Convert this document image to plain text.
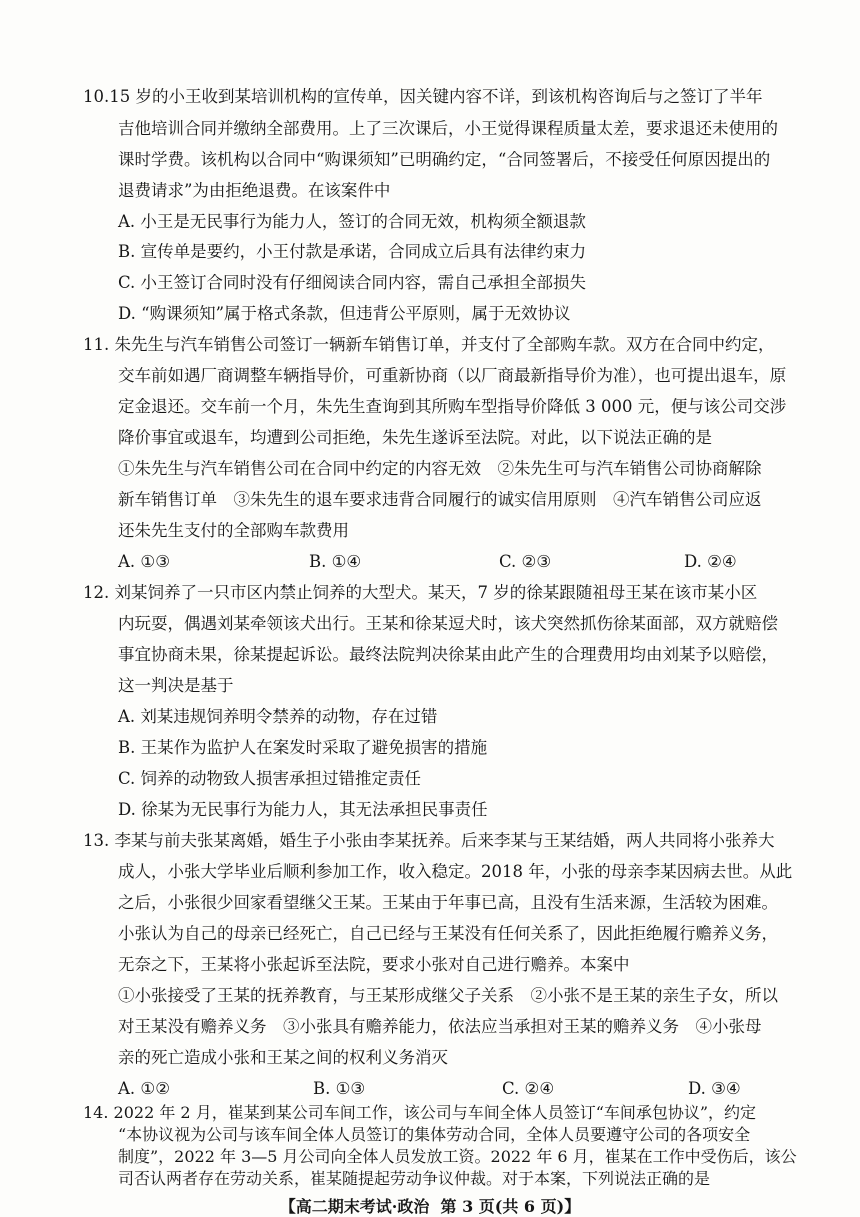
10.15 岁的小王收到某培训机构的宣传单，因关键内容不详，到该机构咨询后与之签订了半年
吉他培训合同并缴纳全部费用。上了三次课后，小王觉得课程质量太差，要求退还未使用的
课时学费。该机构以合同中“购课须知”已明确约定，“合同签署后，不接受任何原因提出的
退费请求”为由拒绝退费。在该案件中
A. 小王是无民事行为能力人，签订的合同无效，机构须全额退款
B. 宣传单是要约，小王付款是承诺，合同成立后具有法律约束力
C. 小王签订合同时没有仔细阅读合同内容，需自己承担全部损失
D. “购课须知”属于格式条款，但违背公平原则，属于无效协议
11. 朱先生与汽车销售公司签订一辆新车销售订单，并支付了全部购车款。双方在合同中约定，
交车前如遇厂商调整车辆指导价，可重新协商（以厂商最新指导价为准），也可提出退车，原
定金退还。交车前一个月，朱先生查询到其所购车型指导价降低 3 000 元，便与该公司交涉
降价事宜或退车，均遭到公司拒绝，朱先生遂诉至法院。对此，以下说法正确的是
①朱先生与汽车销售公司在合同中约定的内容无效　②朱先生可与汽车销售公司协商解除
新车销售订单　③朱先生的退车要求违背合同履行的诚实信用原则　④汽车销售公司应返
还朱先生支付的全部购车款费用
A. ①③	B. ①④	C. ②③	D. ②④
12. 刘某饲养了一只市区内禁止饲养的大型犬。某天，7 岁的徐某跟随祖母王某在该市某小区
内玩耍，偶遇刘某牵领该犬出行。王某和徐某逗犬时，该犬突然抓伤徐某面部，双方就赔偿
事宜协商未果，徐某提起诉讼。最终法院判决徐某由此产生的合理费用均由刘某予以赔偿，
这一判决是基于
A. 刘某违规饲养明令禁养的动物，存在过错
B. 王某作为监护人在案发时采取了避免损害的措施
C. 饲养的动物致人损害承担过错推定责任
D. 徐某为无民事行为能力人，其无法承担民事责任
13. 李某与前夫张某离婚，婚生子小张由李某抚养。后来李某与王某结婚，两人共同将小张养大
成人，小张大学毕业后顺利参加工作，收入稳定。2018 年，小张的母亲李某因病去世。从此
之后，小张很少回家看望继父王某。王某由于年事已高，且没有生活来源，生活较为困难。
小张认为自己的母亲已经死亡，自己已经与王某没有任何关系了，因此拒绝履行赡养义务，
无奈之下，王某将小张起诉至法院，要求小张对自己进行赡养。本案中
①小张接受了王某的抚养教育，与王某形成继父子关系　②小张不是王某的亲生子女，所以
对王某没有赡养义务　③小张具有赡养能力，依法应当承担对王某的赡养义务　④小张母
亲的死亡造成小张和王某之间的权利义务消灭
A. ①②	B. ①③	C. ②④	D. ③④
14. 2022 年 2 月，崔某到某公司车间工作，该公司与车间全体人员签订“车间承包协议”，约定
“本协议视为公司与该车间全体人员签订的集体劳动合同，全体人员要遵守公司的各项安全
制度”，2022 年 3—5 月公司向全体人员发放工资。2022 年 6 月，崔某在工作中受伤后，该公
司否认两者存在劳动关系，崔某随提起劳动争议仲裁。对于本案，下列说法正确的是
【高二期末考试·政治 第 3 页(共 6 页)】
